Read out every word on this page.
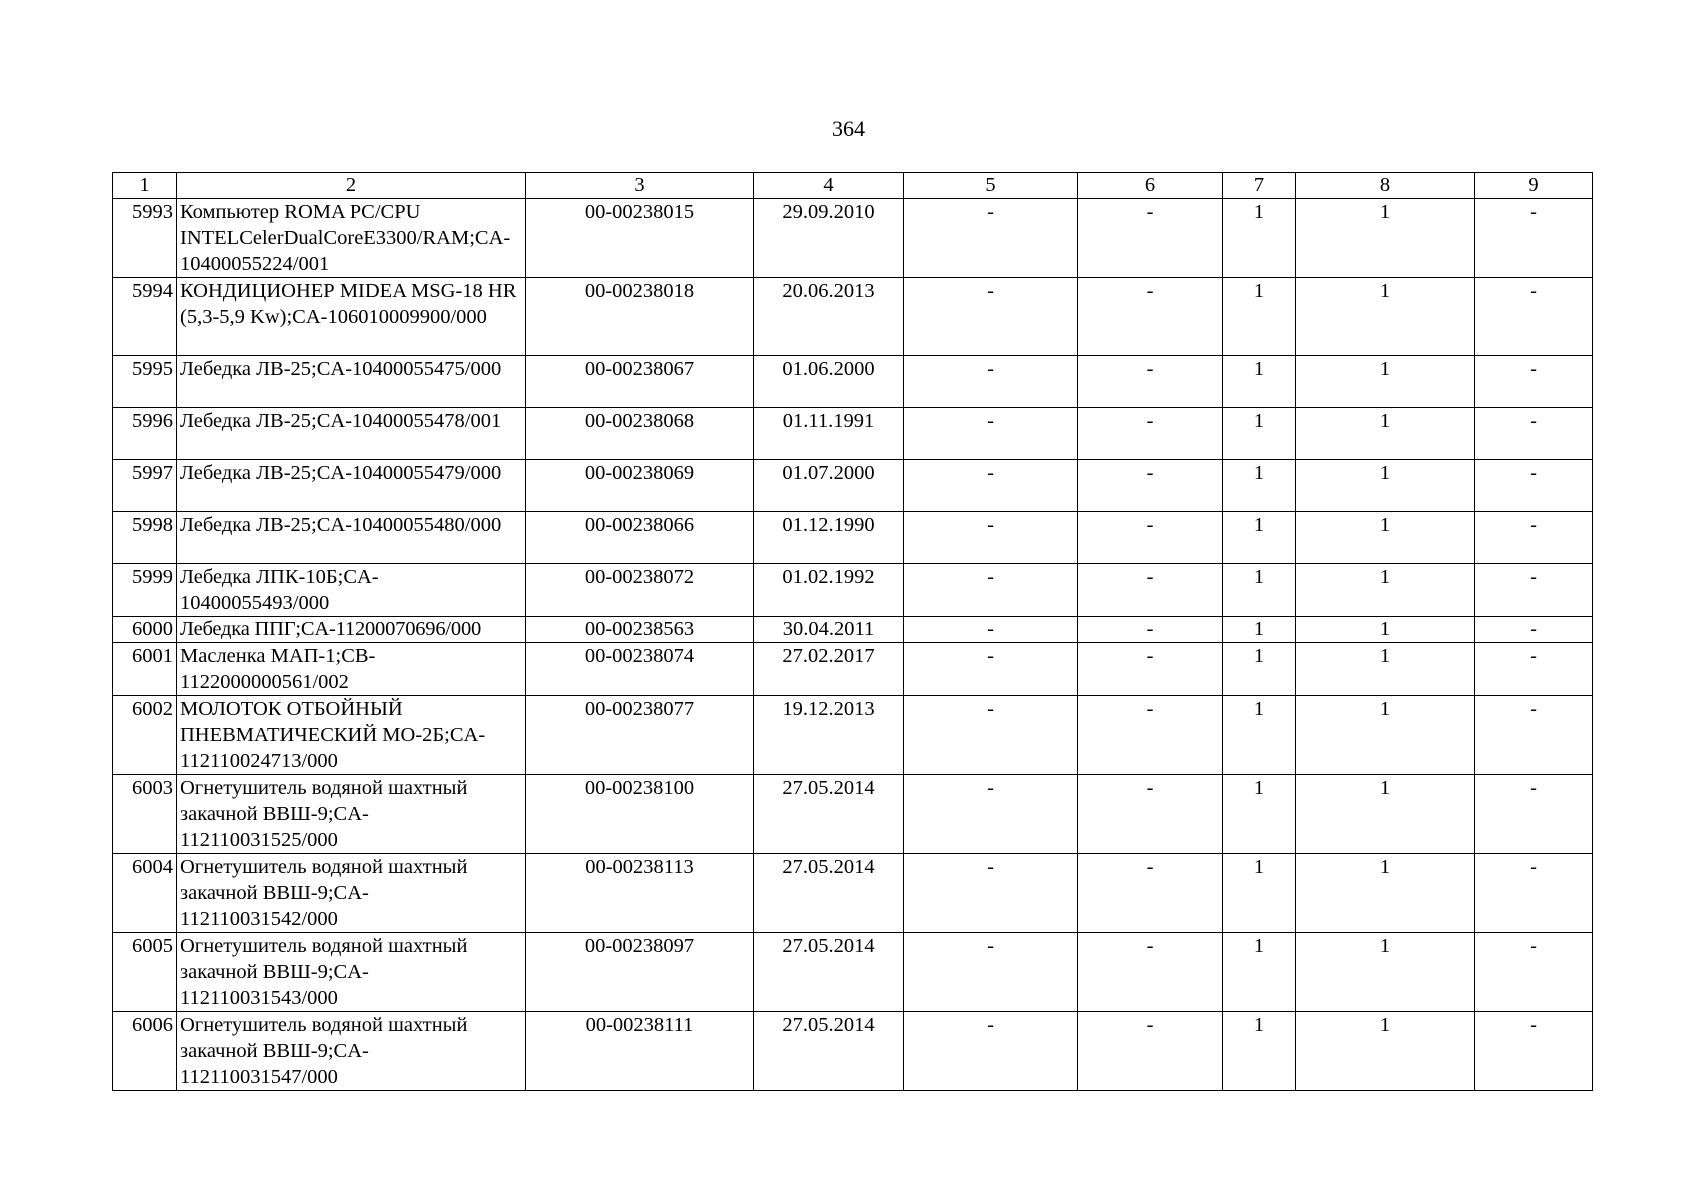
364
1	2	3	4	5	6	7	8	9
5993	Компьютер ROMA PC/CPU INTELCelerDualCoreE3300/RAM;CA-10400055224/001	00-00238015	29.09.2010	-	-	1	1	-
5994	КОНДИЦИОНЕР MIDEA MSG-18 HR (5,3-5,9 Kw);CA-106010009900/000	00-00238018	20.06.2013	-	-	1	1	-
5995	Лебедка ЛВ-25;CA-10400055475/000	00-00238067	01.06.2000	-	-	1	1	-
5996	Лебедка ЛВ-25;CA-10400055478/001	00-00238068	01.11.1991	-	-	1	1	-
5997	Лебедка ЛВ-25;CA-10400055479/000	00-00238069	01.07.2000	-	-	1	1	-
5998	Лебедка ЛВ-25;CA-10400055480/000	00-00238066	01.12.1990	-	-	1	1	-
5999	Лебедка ЛПК-10Б;CA-10400055493/000	00-00238072	01.02.1992	-	-	1	1	-
6000	Лебедка ППГ;CA-11200070696/000	00-00238563	30.04.2011	-	-	1	1	-
6001	Масленка МАП-1;CB-1122000000561/002	00-00238074	27.02.2017	-	-	1	1	-
6002	МОЛОТОК ОТБОЙНЫЙ ПНЕВМАТИЧЕСКИЙ МО-2Б;CA-112110024713/000	00-00238077	19.12.2013	-	-	1	1	-
6003	Огнетушитель водяной шахтный закачной ВВШ-9;CA-112110031525/000	00-00238100	27.05.2014	-	-	1	1	-
6004	Огнетушитель водяной шахтный закачной ВВШ-9;CA-112110031542/000	00-00238113	27.05.2014	-	-	1	1	-
6005	Огнетушитель водяной шахтный закачной ВВШ-9;CA-112110031543/000	00-00238097	27.05.2014	-	-	1	1	-
6006	Огнетушитель водяной шахтный закачной ВВШ-9;CA-112110031547/000	00-00238111	27.05.2014	-	-	1	1	-
